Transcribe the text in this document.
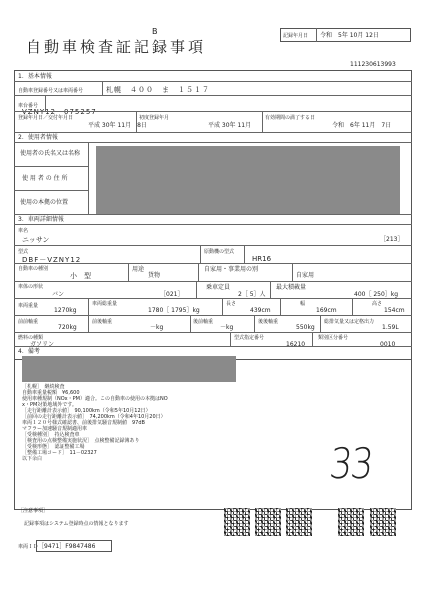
B
自動車検査証記録事項
記録年月日 令和　5年 10月 12日
111230613993
1．基本情報
自動車登録番号又は車両番号	札幌　４００　ま　１５１７
車台番号
VZNY12－075257
登録年月日／交付年月日
平成 30年 11月　8日
初度登録年月
平成 30年 11月
有効期間の満了する日
令和　6年 11月　7日
2．使用者情報
使用者の氏名又は名称
使 用 者 の 住 所
使用の本拠の位置
3．車両詳細情報
車名
ニッサン	［213］
型式
DBF－VZNY12
原動機の型式
HR16
自動車の種別
小　型
用途
貨物
自家用・事業用の別
自家用
車体の形状
バン	［021］
乗車定員
2［ 5］人
最大積載量
400［ 250］kg
車両重量
1270kg
車両総重量
1780［ 1795］kg
長さ
439cm
幅
169cm
高さ
154cm
前前軸重
720kg
前後軸重
－kg
後前軸重
－kg
後後軸重
550kg
総排気量又は定格出力
1.59L
燃料の種類
ガソリン
型式指定番号
16210
類別区分番号
0010
4．備考
［札幌］　継続検査
自動車重量税額　¥6,600
使用車種規制（NOx・PM）適合。この自動車の使用の本拠はNO
x・PM対策地域外です。
［走行距離計表示値］　90,100km（令和5年10月12日）
［前回の走行距離計表示値］　74,200km（令和4年10月20日）
車両１２０号様式確認書、前後排気騒音規制値　97dB
マフラー加速騒音規制適用車
［受検種別］　持込検査車
［検査用の点検整備実施状況］　点検整備記録簿あり
［受検形態］　認証整備工場
［整備工場コード］　11－02327
以下余白	33
［注意事項］
記録事項はシステム登録時点の情報となります
車両ＩＤ ［9471］F9847486
